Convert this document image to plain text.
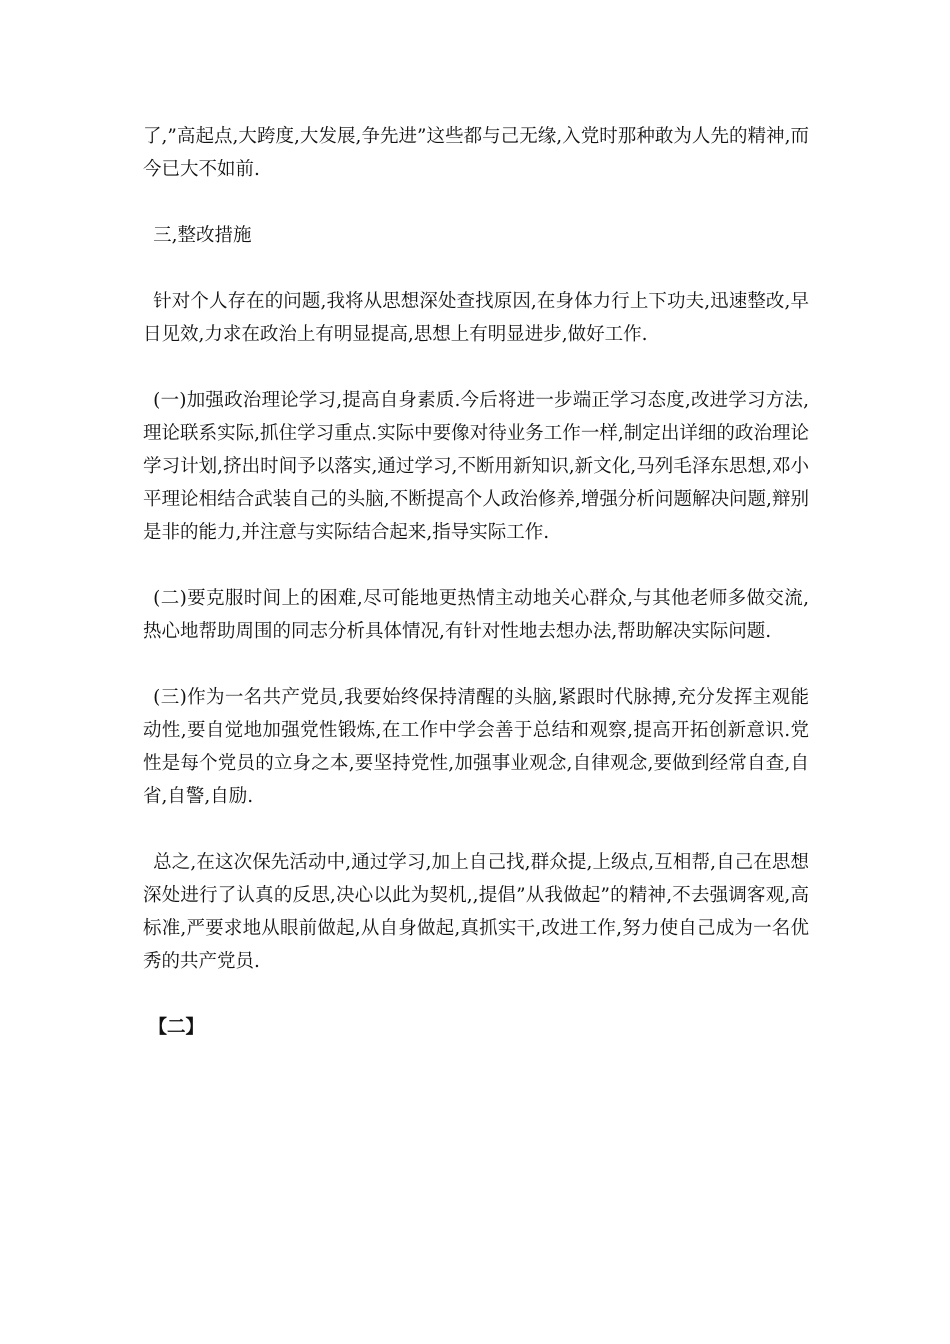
了,”高起点,大跨度,大发展,争先进”这些都与己无缘,入党时那种敢为人先的精神,而今已大不如前.

三,整改措施

针对个人存在的问题,我将从思想深处查找原因,在身体力行上下功夫,迅速整改,早日见效,力求在政治上有明显提高,思想上有明显进步,做好工作.

(一)加强政治理论学习,提高自身素质.今后将进一步端正学习态度,改进学习方法,理论联系实际,抓住学习重点.实际中要像对待业务工作一样,制定出详细的政治理论学习计划,挤出时间予以落实,通过学习,不断用新知识,新文化,马列毛泽东思想,邓小平理论相结合武装自己的头脑,不断提高个人政治修养,增强分析问题解决问题,辩别是非的能力,并注意与实际结合起来,指导实际工作.

(二)要克服时间上的困难,尽可能地更热情主动地关心群众,与其他老师多做交流,热心地帮助周围的同志分析具体情况,有针对性地去想办法,帮助解决实际问题.

(三)作为一名共产党员,我要始终保持清醒的头脑,紧跟时代脉搏,充分发挥主观能动性,要自觉地加强党性锻炼,在工作中学会善于总结和观察,提高开拓创新意识.党性是每个党员的立身之本,要坚持党性,加强事业观念,自律观念,要做到经常自查,自省,自警,自励.

总之,在这次保先活动中,通过学习,加上自己找,群众提,上级点,互相帮,自己在思想深处进行了认真的反思,决心以此为契机,,提倡”从我做起”的精神,不去强调客观,高标准,严要求地从眼前做起,从自身做起,真抓实干,改进工作,努力使自己成为一名优秀的共产党员.

【二】
